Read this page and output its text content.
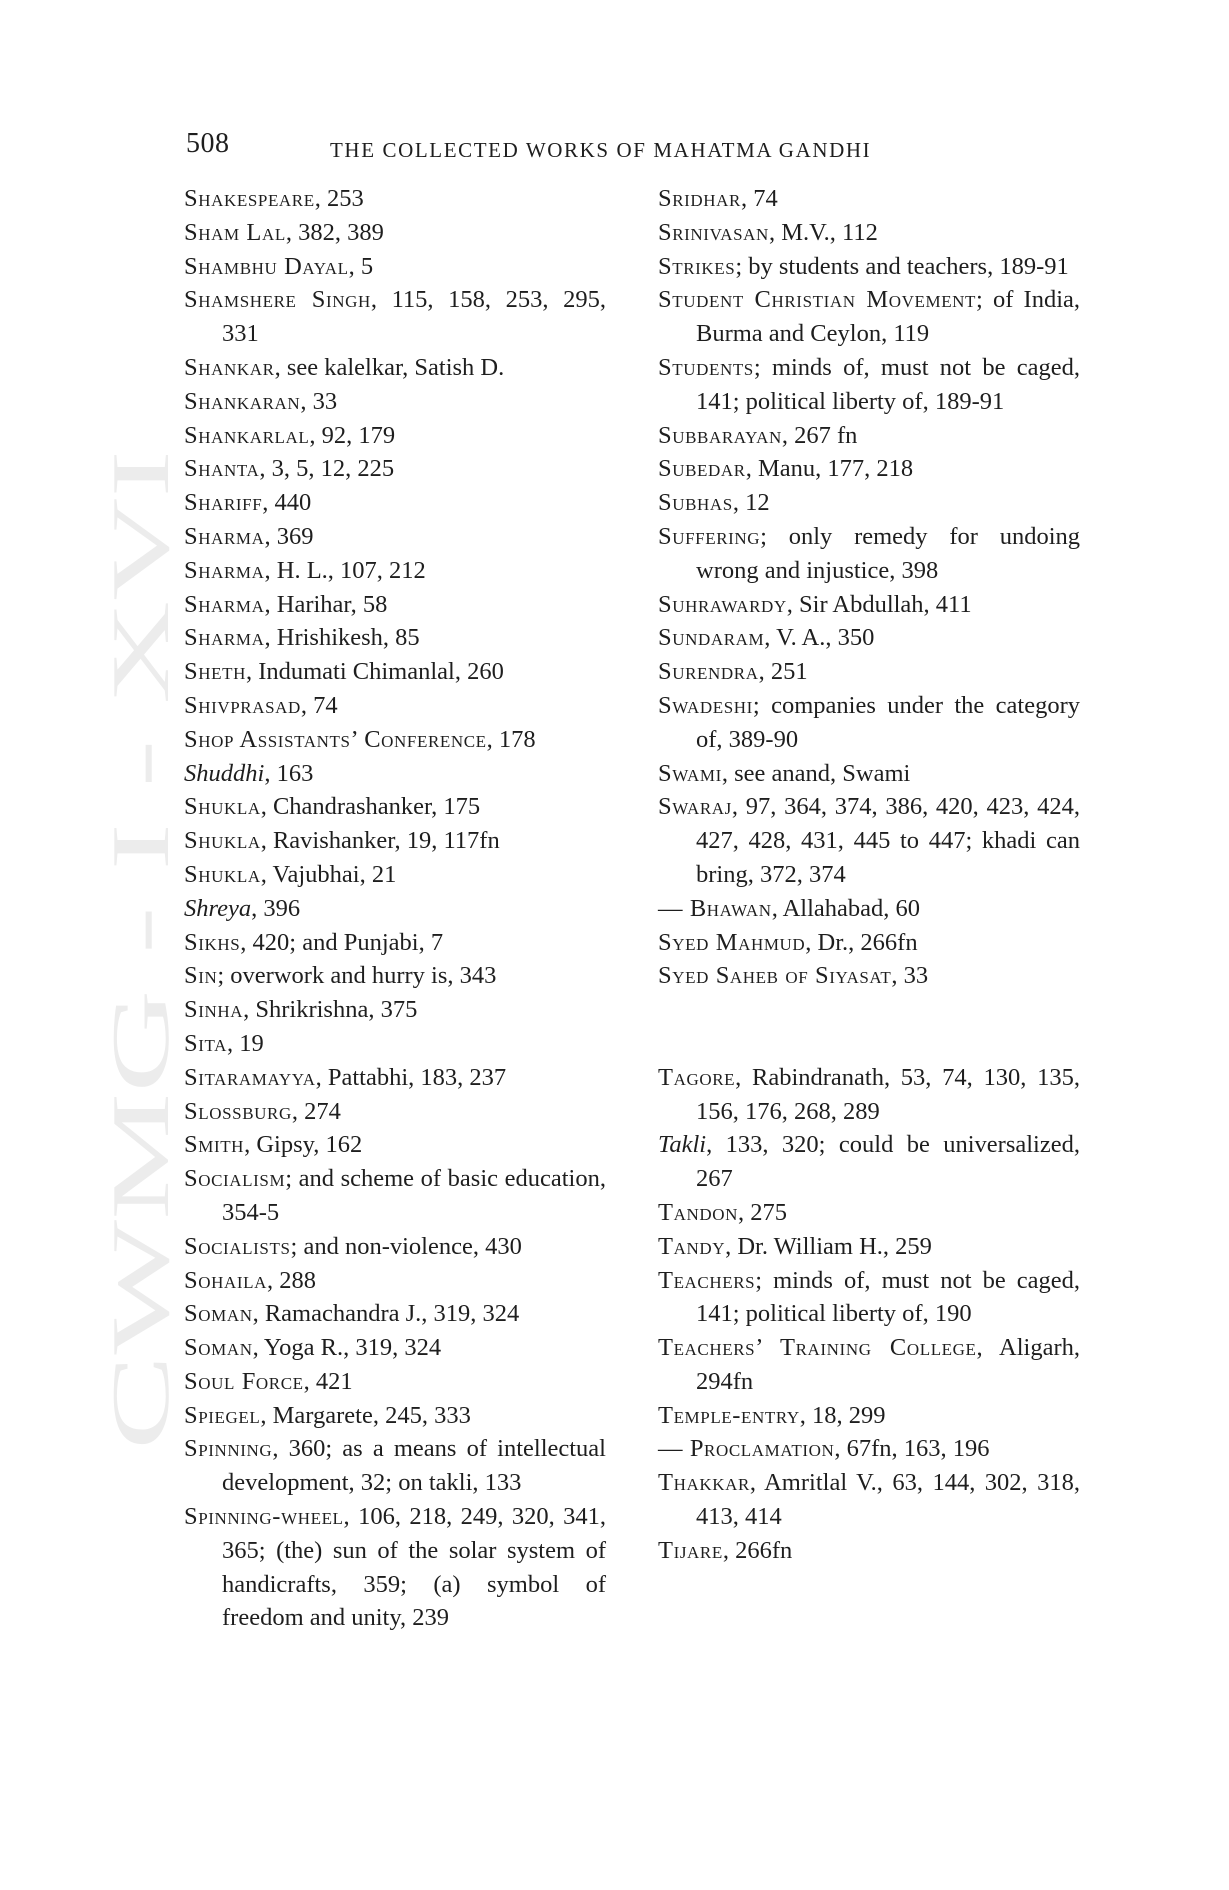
CWMG - I - XVI
508	THE COLLECTED WORKS OF MAHATMA GANDHI

Shakespeare, 253

Sham Lal, 382, 389

Shambhu Dayal, 5

Shamshere Singh, 115, 158, 253, 295, 331

Shankar, see kalelkar, Satish D.

Shankaran, 33

Shankarlal, 92, 179

Shanta, 3, 5, 12, 225

Shariff, 440

Sharma, 369

Sharma, H. L., 107, 212

Sharma, Harihar, 58

Sharma, Hrishikesh, 85

Sheth, Indumati Chimanlal, 260

Shivprasad, 74

Shop Assistants’ Conference, 178

Shuddhi, 163

Shukla, Chandrashanker, 175

Shukla, Ravishanker, 19, 117fn

Shukla, Vajubhai, 21

Shreya, 396

Sikhs, 420; and Punjabi, 7

Sin; overwork and hurry is, 343

Sinha, Shrikrishna, 375

Sita, 19

Sitaramayya, Pattabhi, 183, 237

Slossburg, 274

Smith, Gipsy, 162

Socialism; and scheme of basic education, 354-5

Socialists; and non-violence, 430

Sohaila, 288

Soman, Ramachandra J., 319, 324

Soman, Yoga R., 319, 324

Soul Force, 421

Spiegel, Margarete, 245, 333

Spinning, 360; as a means of intellectual development, 32; on takli, 133

Spinning-wheel, 106, 218, 249, 320, 341, 365; (the) sun of the solar system of handicrafts, 359; (a) symbol of freedom and unity, 239

Sridhar, 74

Srinivasan, M.V., 112

Strikes; by students and teachers, 189-91

Student Christian Movement; of India, Burma and Ceylon, 119

Students; minds of, must not be caged, 141; political liberty of, 189-91

Subbarayan, 267 fn

Subedar, Manu, 177, 218

Subhas, 12

Suffering; only remedy for undoing wrong and injustice, 398

Suhrawardy, Sir Abdullah, 411

Sundaram, V. A., 350

Surendra, 251

Swadeshi; companies under the category of, 389-90

Swami, see anand, Swami

Swaraj, 97, 364, 374, 386, 420, 423, 424, 427, 428, 431, 445 to 447; khadi can bring, 372, 374

— Bhawan, Allahabad, 60

Syed Mahmud, Dr., 266fn

Syed Saheb of Siyasat, 33

Tagore, Rabindranath, 53, 74, 130, 135, 156, 176, 268, 289

Takli, 133, 320; could be universalized, 267

Tandon, 275

Tandy, Dr. William H., 259

Teachers; minds of, must not be caged, 141; political liberty of, 190

Teachers’ Training College, Aligarh, 294fn

Temple-entry, 18, 299

— Proclamation, 67fn, 163, 196

Thakkar, Amritlal V., 63, 144, 302, 318, 413, 414

Tijare, 266fn
